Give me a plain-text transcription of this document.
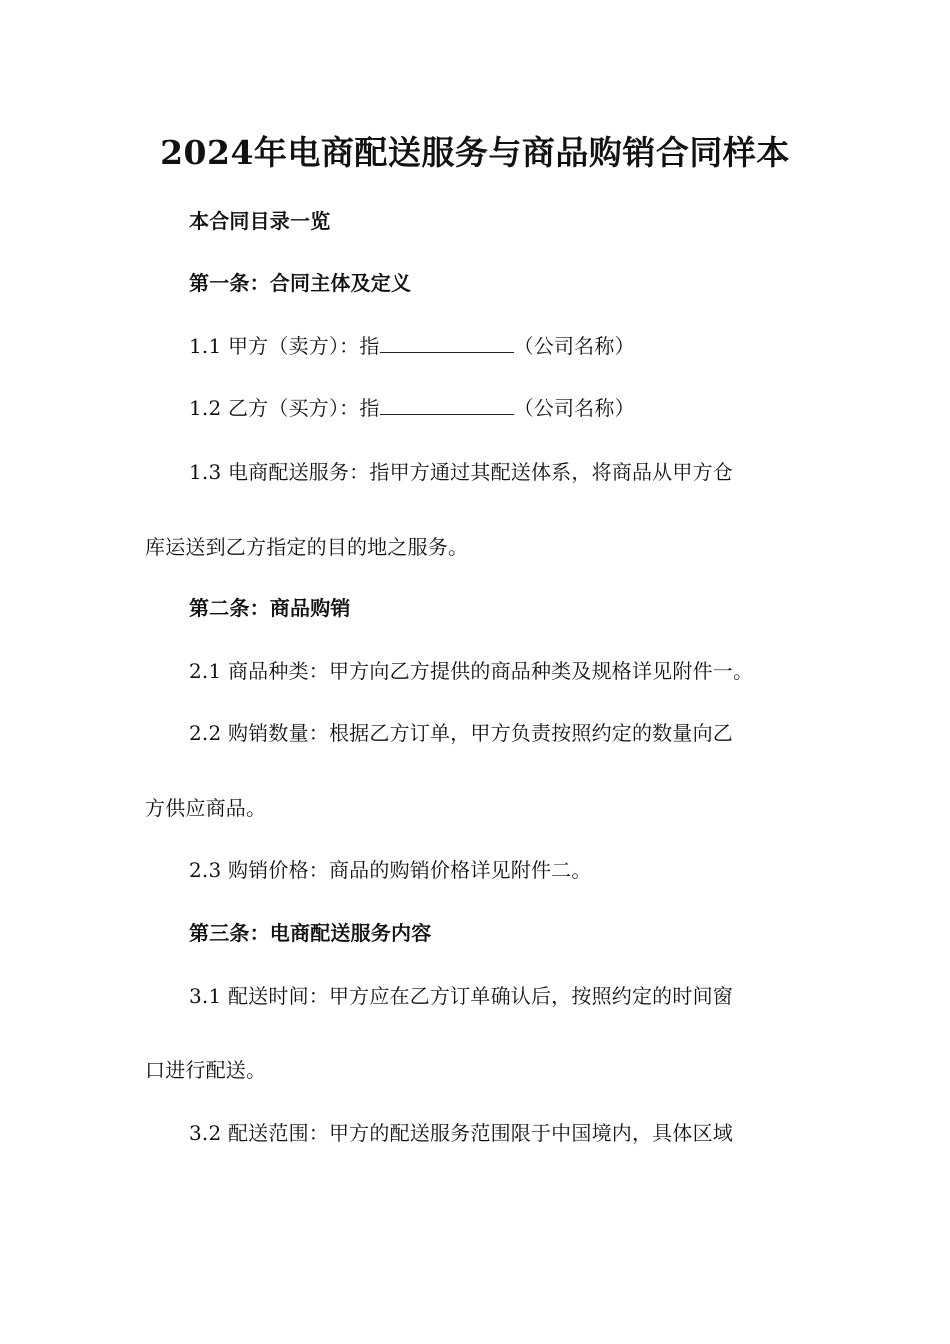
2024年电商配送服务与商品购销合同样本
本合同目录一览
第一条：合同主体及定义
1.1 甲方（卖方）：指	（公司名称）
1.2 乙方（买方）：指	（公司名称）
1.3 电商配送服务：指甲方通过其配送体系，将商品从甲方仓
库运送到乙方指定的目的地之服务。
第二条：商品购销
2.1 商品种类：甲方向乙方提供的商品种类及规格详见附件一。
2.2 购销数量：根据乙方订单，甲方负责按照约定的数量向乙
方供应商品。
2.3 购销价格：商品的购销价格详见附件二。
第三条：电商配送服务内容
3.1 配送时间：甲方应在乙方订单确认后，按照约定的时间窗
口进行配送。
3.2 配送范围：甲方的配送服务范围限于中国境内，具体区域
